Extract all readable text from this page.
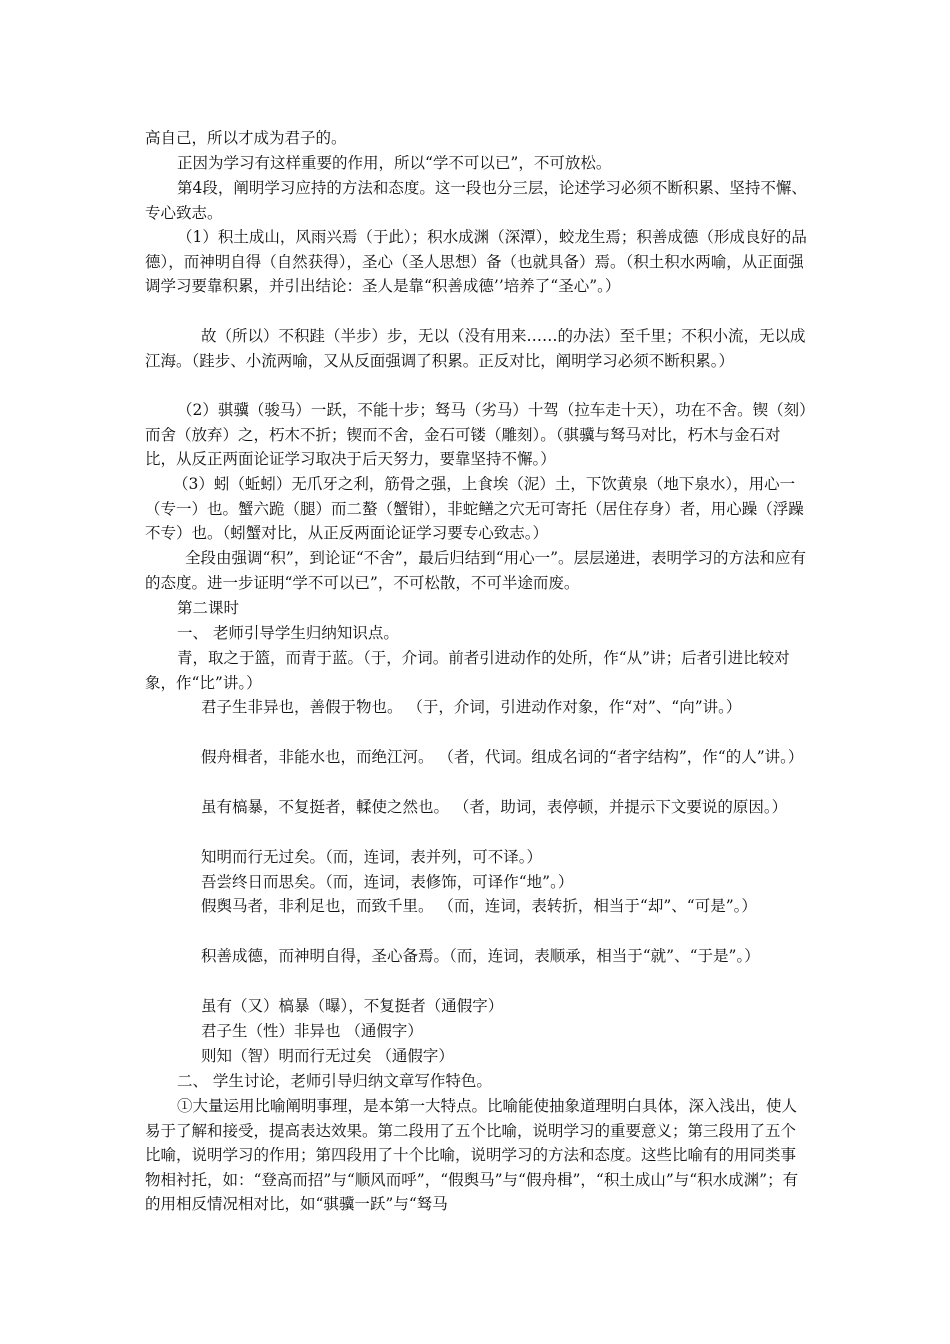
高自己，所以才成为君子的。

正因为学习有这样重要的作用，所以“学不可以已”，不可放松。

第4段，阐明学习应持的方法和态度。这一段也分三层，论述学习必须不断积累、坚持不懈、专心致志。

（1）积土成山，风雨兴焉（于此）；积水成渊（深潭），蛟龙生焉；积善成德（形成良好的品德），而神明自得（自然获得），圣心（圣人思想）备（也就具备）焉。（积土积水两喻，从正面强调学习要靠积累，并引出结论：圣人是靠“积善成德’’培养了“圣心”。）

故（所以）不积跬（半步）步，无以（没有用来……的办法）至千里；不积小流，无以成江海。（跬步、小流两喻，又从反面强调了积累。正反对比，阐明学习必须不断积累。）

（2）骐骥（骏马）一跃，不能十步；驽马（劣马）十驾（拉车走十天），功在不舍。锲（刻）而舍（放弃）之，朽木不折；锲而不舍，金石可镂（雕刻）。（骐骥与驽马对比，朽木与金石对比，从反正两面论证学习取决于后天努力，要靠坚持不懈。）

（3）蚓（蚯蚓）无爪牙之利，筋骨之强，上食埃（泥）土，下饮黄泉（地下泉水），用心一（专一）也。蟹六跪（腿）而二螯（蟹钳），非蛇鳝之穴无可寄托（居住存身）者，用心躁（浮躁不专）也。（蚓蟹对比，从正反两面论证学习要专心致志。）

全段由强调“积”，到论证“不舍”，最后归结到“用心一”。层层递进，表明学习的方法和应有的态度。进一步证明“学不可以已”，不可松散，不可半途而废。

第二课时

一、 老师引导学生归纳知识点。

青，取之于篮，而青于蓝。（于，介词。前者引进动作的处所，作“从”讲；后者引进比较对象，作“比”讲。）

君子生非异也，善假于物也。 （于，介词，引进动作对象，作“对”、“向”讲。）

假舟楫者，非能水也，而绝江河。 （者，代词。组成名词的“者字结构”，作“的人”讲。）

虽有槁暴，不复挺者，輮使之然也。 （者，助词，表停顿，并提示下文要说的原因。）

知明而行无过矣。（而，连词，表并列，可不译。）

吾尝终日而思矣。（而，连词，表修饰，可译作“地”。）

假舆马者，非利足也，而致千里。 （而，连词，表转折，相当于“却”、“可是”。）

积善成德，而神明自得，圣心备焉。（而，连词，表顺承，相当于“就”、“于是”。）

虽有（又）槁暴（曝），不复挺者（通假字）

君子生（性）非异也 （通假字）

则知（智）明而行无过矣 （通假字）

二、 学生讨论，老师引导归纳文章写作特色。

①大量运用比喻阐明事理，是本第一大特点。比喻能使抽象道理明白具体，深入浅出，使人易于了解和接受，提高表达效果。第二段用了五个比喻，说明学习的重要意义；第三段用了五个比喻，说明学习的作用；第四段用了十个比喻，说明学习的方法和态度。这些比喻有的用同类事物相衬托，如：“登高而招”与“顺风而呼”，“假舆马”与“假舟楫”，“积土成山”与“积水成渊”；有的用相反情况相对比，如“骐骥一跃”与“驽马
